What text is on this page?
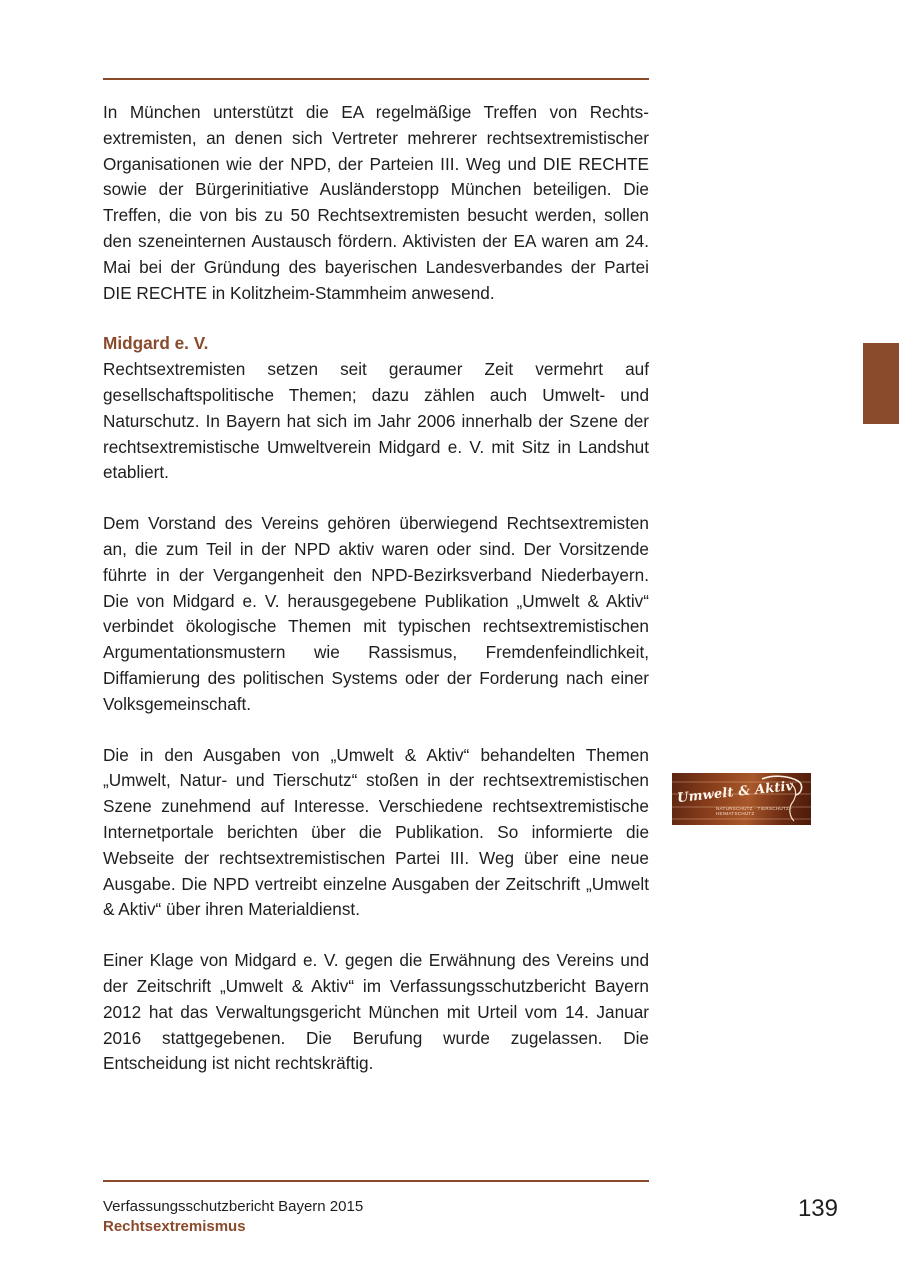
In München unterstützt die EA regelmäßige Treffen von Rechtsextremisten, an denen sich Vertreter mehrerer rechtsextremistischer Organisationen wie der NPD, der Parteien III. Weg und DIE RECHTE sowie der Bürgerinitiative Ausländerstopp München beteiligen. Die Treffen, die von bis zu 50 Rechtsextremisten besucht werden, sollen den szeneinternen Austausch fördern. Aktivisten der EA waren am 24. Mai bei der Gründung des bayerischen Landesverbandes der Partei DIE RECHTE in Kolitzheim-Stammheim anwesend.

Midgard e. V.

Rechtsextremisten setzen seit geraumer Zeit vermehrt auf gesellschaftspolitische Themen; dazu zählen auch Umwelt- und Naturschutz. In Bayern hat sich im Jahr 2006 innerhalb der Szene der rechtsextremistische Umweltverein Midgard e. V. mit Sitz in Landshut etabliert.

Dem Vorstand des Vereins gehören überwiegend Rechtsextremisten an, die zum Teil in der NPD aktiv waren oder sind. Der Vorsitzende führte in der Vergangenheit den NPD-Bezirksverband Niederbayern. Die von Midgard e. V. herausgegebene Publikation „Umwelt & Aktiv“ verbindet ökologische Themen mit typischen rechtsextremistischen Argumentationsmustern wie Rassismus, Fremdenfeindlichkeit, Diffamierung des politischen Systems oder der Forderung nach einer Volksgemeinschaft.

Die in den Ausgaben von „Umwelt & Aktiv“ behandelten Themen „Umwelt, Natur- und Tierschutz“ stoßen in der rechtsextremistischen Szene zunehmend auf Interesse. Verschiedene rechtsextremistische Internetportale berichten über die Publikation. So informierte die Webseite der rechtsextremistischen Partei III. Weg über eine neue Ausgabe. Die NPD vertreibt einzelne Ausgaben der Zeitschrift „Umwelt & Aktiv“ über ihren Materialdienst.

Einer Klage von Midgard e. V. gegen die Erwähnung des Vereins und der Zeitschrift „Umwelt & Aktiv“ im Verfassungsschutzbericht Bayern 2012 hat das Verwaltungsgericht München mit Urteil vom 14. Januar 2016 stattgegebenen. Die Berufung wurde zugelassen. Die Entscheidung ist nicht rechtskräftig.

Umwelt & Aktiv
NATURSCHUTZ · TIERSCHUTZ · HEIMATSCHUTZ
Verfassungsschutzbericht Bayern 2015
Rechtsextremismus
139
